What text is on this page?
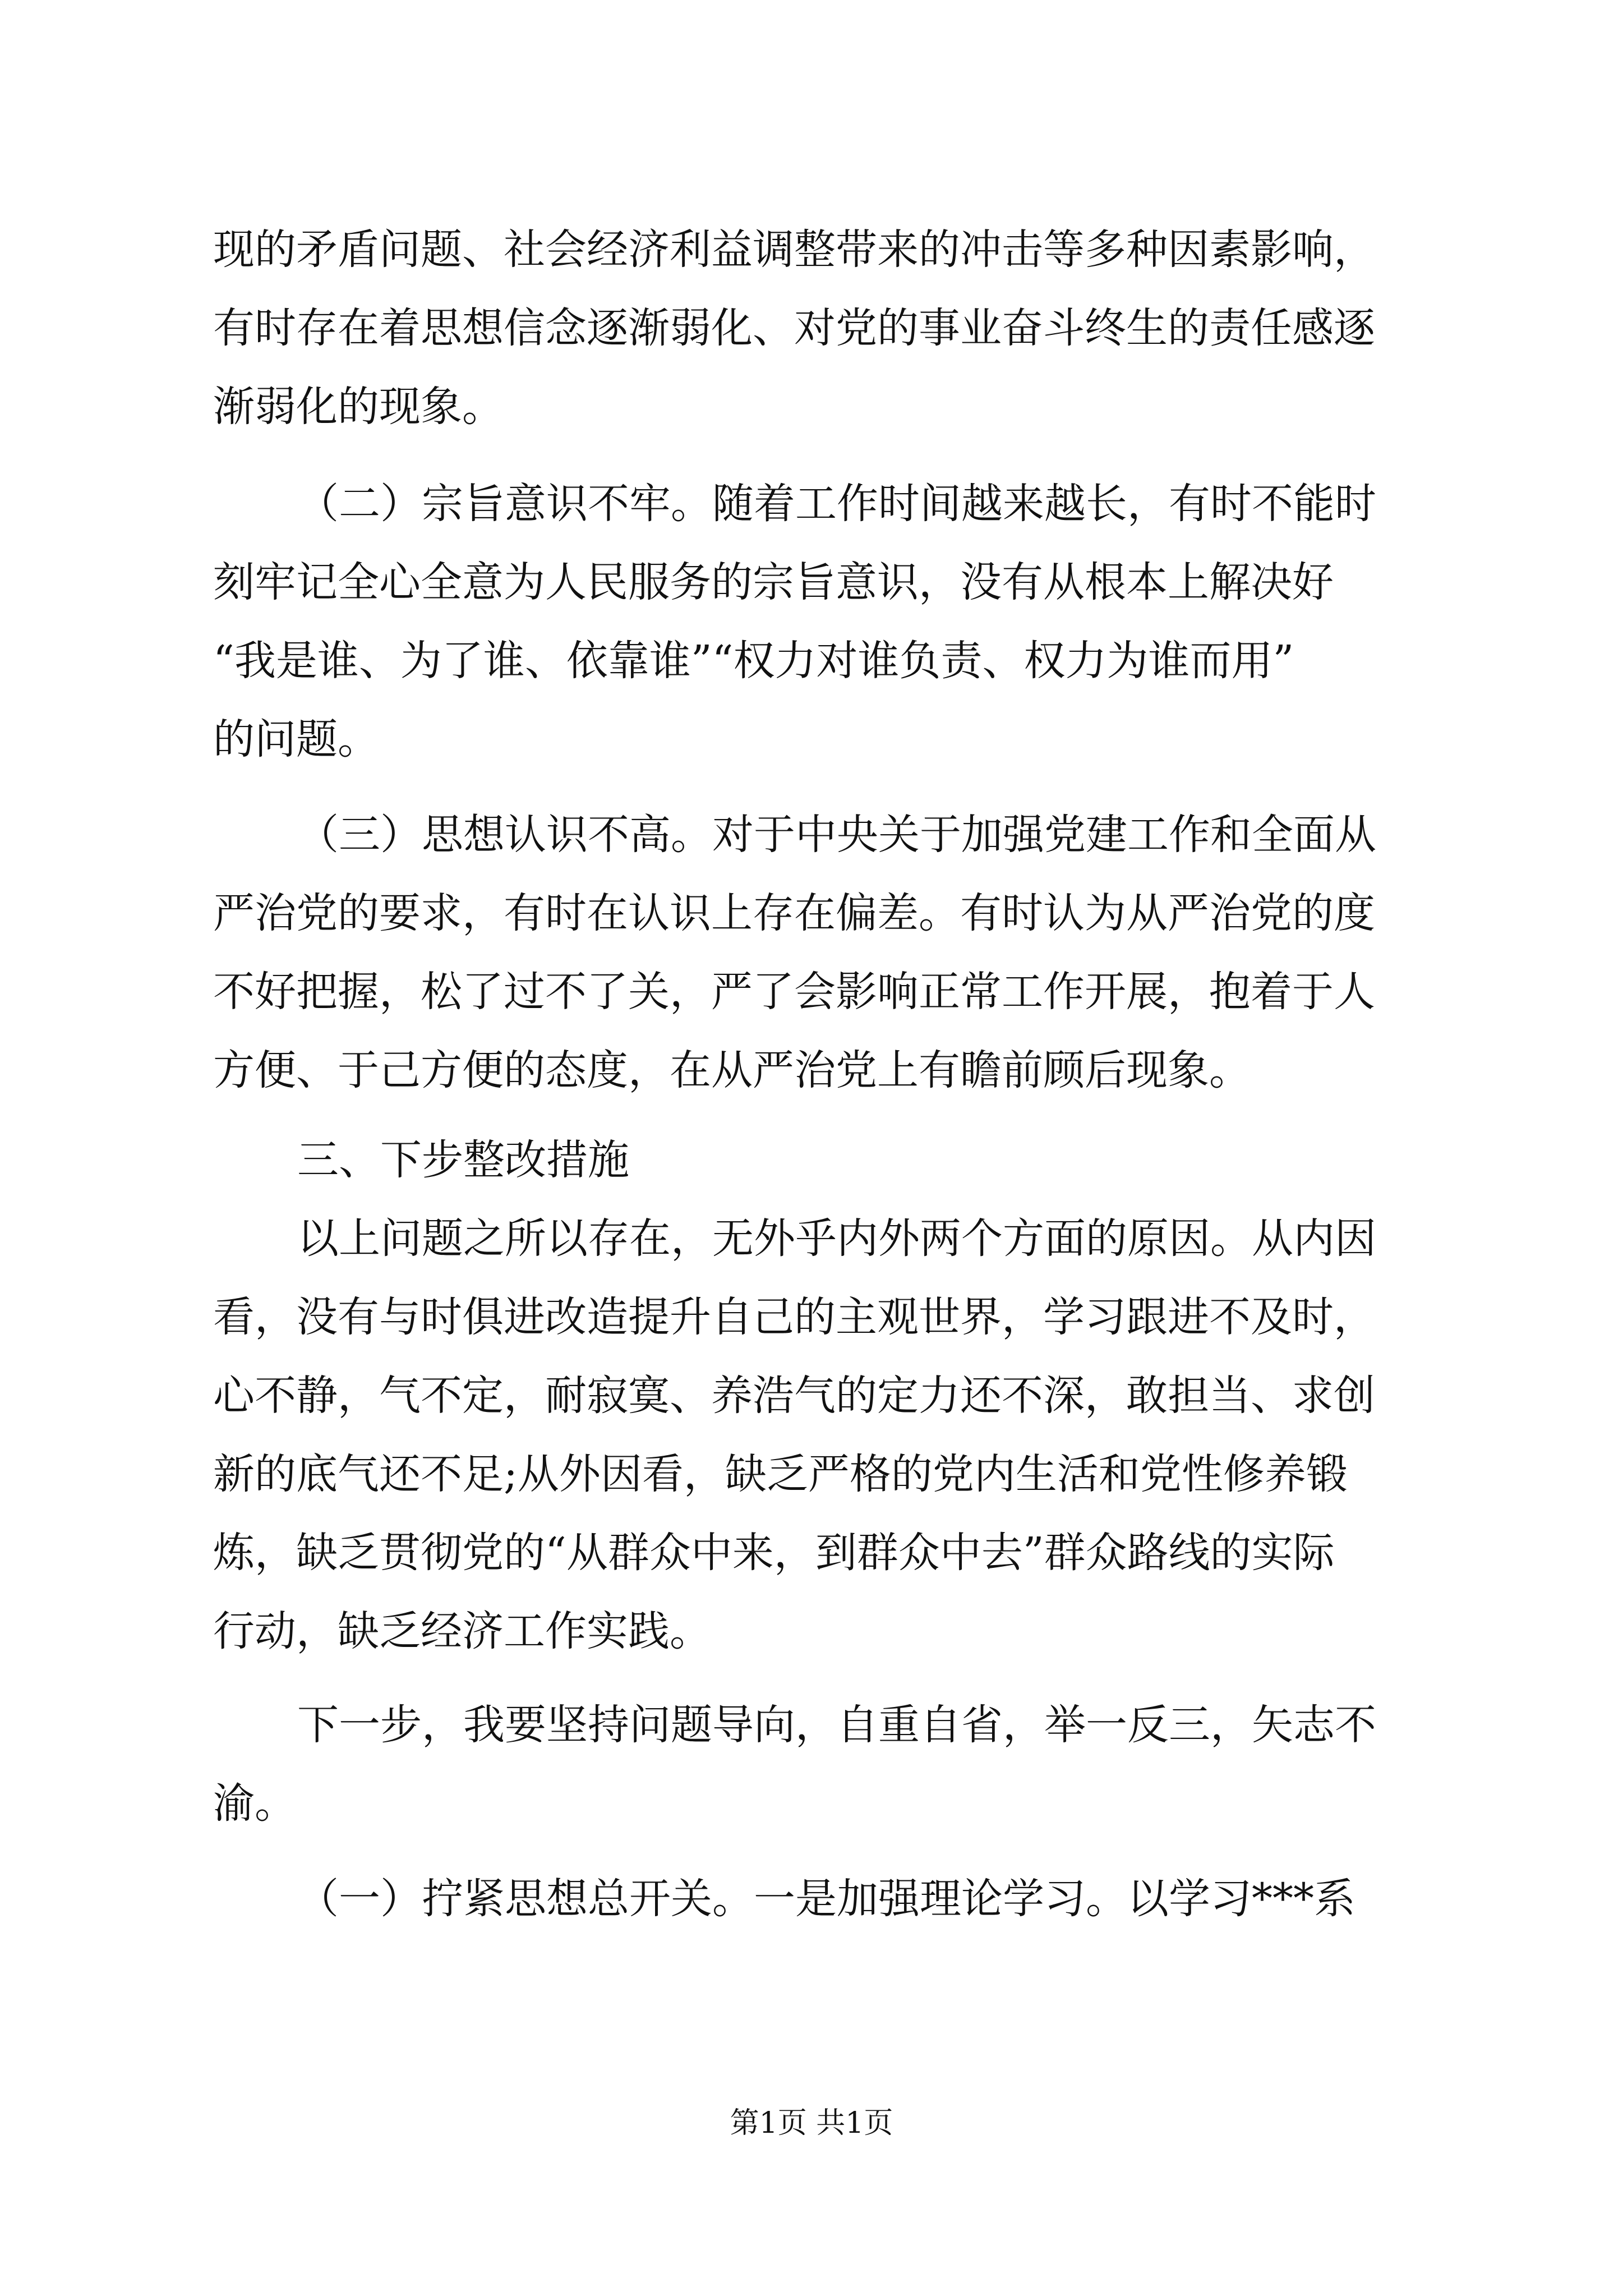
现的矛盾问题、社会经济利益调整带来的冲击等多种因素影响，
有时存在着思想信念逐渐弱化、对党的事业奋斗终生的责任感逐
渐弱化的现象。
（二）宗旨意识不牢。随着工作时间越来越长，有时不能时
刻牢记全心全意为人民服务的宗旨意识，没有从根本上解决好
“我是谁、为了谁、依靠谁”“权力对谁负责、权力为谁而用”
的问题。
（三）思想认识不高。对于中央关于加强党建工作和全面从
严治党的要求，有时在认识上存在偏差。有时认为从严治党的度
不好把握，松了过不了关，严了会影响正常工作开展，抱着于人
方便、于己方便的态度，在从严治党上有瞻前顾后现象。
三、下步整改措施
以上问题之所以存在，无外乎内外两个方面的原因。从内因
看，没有与时俱进改造提升自己的主观世界，学习跟进不及时，
心不静，气不定，耐寂寞、养浩气的定力还不深，敢担当、求创
新的底气还不足;从外因看，缺乏严格的党内生活和党性修养锻
炼，缺乏贯彻党的“从群众中来，到群众中去”群众路线的实际
行动，缺乏经济工作实践。
下一步，我要坚持问题导向，自重自省，举一反三，矢志不
渝。
（一）拧紧思想总开关。一是加强理论学习。以学习***系
第1页 共1页
